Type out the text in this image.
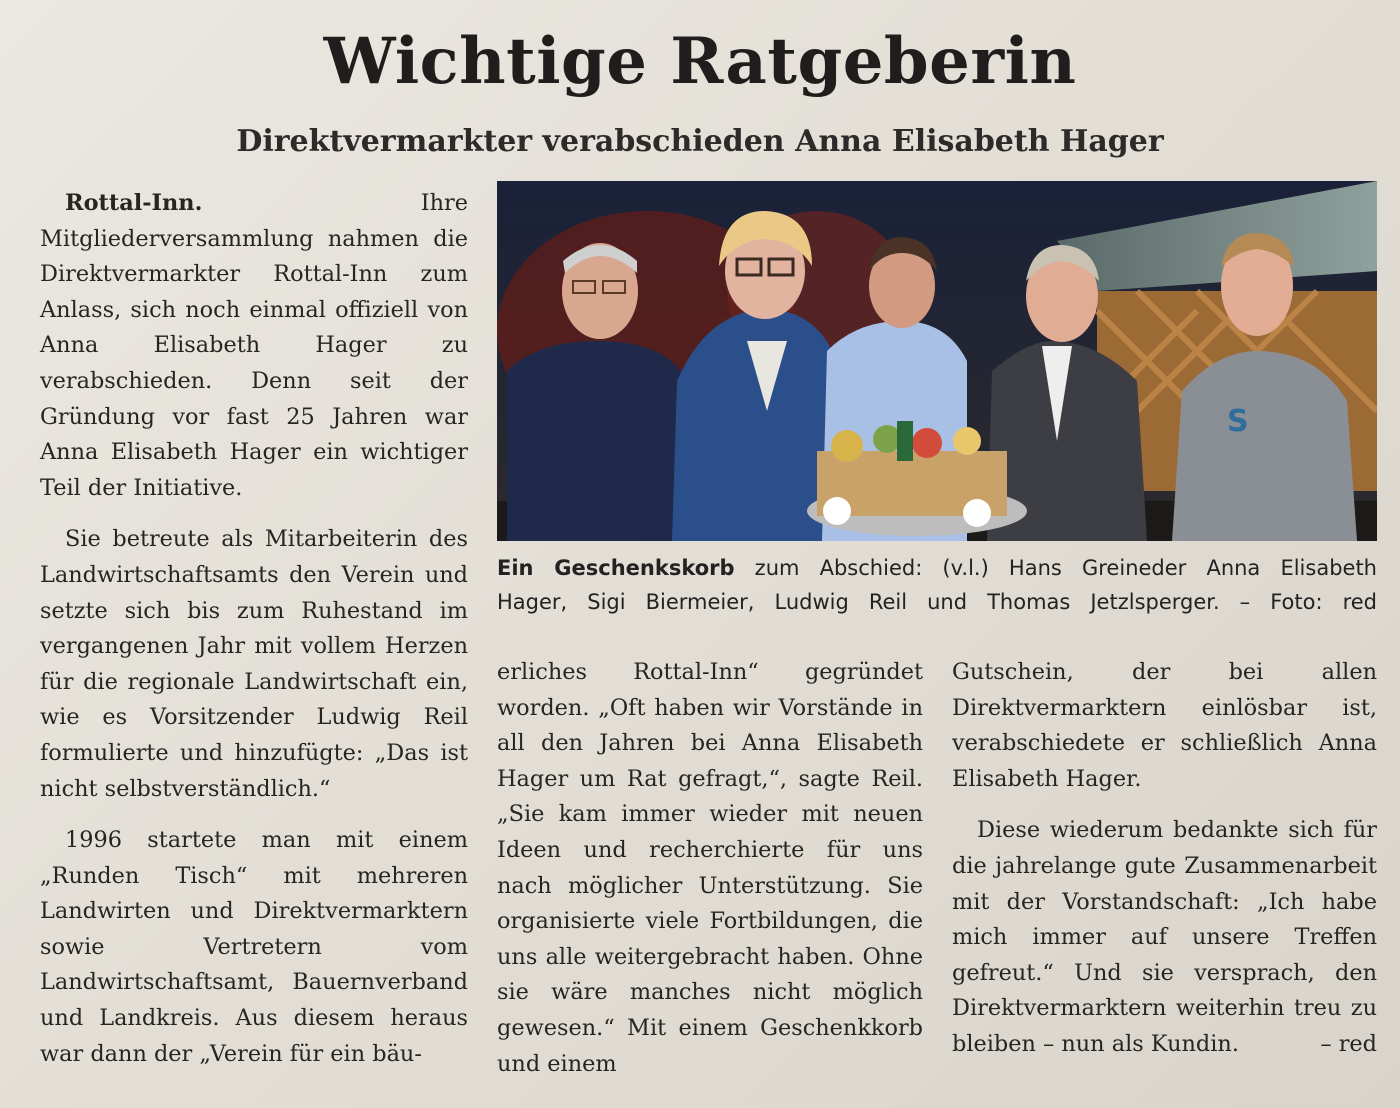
Wichtige Ratgeberin
Direktvermarkter verabschieden Anna Elisabeth Hager

Rottal-Inn. Ihre Mitgliederversammlung nahmen die Direktvermarkter Rottal-Inn zum Anlass, sich noch einmal offiziell von Anna Elisabeth Hager zu verabschieden. Denn seit der Gründung vor fast 25 Jahren war Anna Elisabeth Hager ein wichtiger Teil der Initiative.

Sie betreute als Mitarbeiterin des Landwirtschaftsamts den Verein und setzte sich bis zum Ruhestand im vergangenen Jahr mit vollem Herzen für die regionale Landwirtschaft ein, wie es Vorsitzender Ludwig Reil formulierte und hinzufügte: „Das ist nicht selbstverständlich.“

1996 startete man mit einem „Runden Tisch“ mit mehreren Landwirten und Direktvermarktern sowie Vertretern vom Landwirtschaftsamt, Bauernverband und Landkreis. Aus diesem heraus war dann der „Verein für ein bäu-

S
Ein Geschenkskorb zum Abschied: (v.l.) Hans Greineder Anna Elisabeth
Hager, Sigi Biermeier, Ludwig Reil und Thomas Jetzlsperger. – Foto: red

erliches Rottal-Inn“ gegründet worden. „Oft haben wir Vorstände in all den Jahren bei Anna Elisabeth Hager um Rat gefragt,“, sagte Reil. „Sie kam immer wieder mit neuen Ideen und recherchierte für uns nach möglicher Unterstützung. Sie organisierte viele Fortbildungen, die uns alle weitergebracht haben. Ohne sie wäre manches nicht möglich gewesen.“ Mit einem Geschenkkorb und einem

Gutschein, der bei allen Direktvermarktern einlösbar ist, verabschiedete er schließlich Anna Elisabeth Hager.

Diese wiederum bedankte sich für die jahrelange gute Zusammenarbeit mit der Vorstandschaft: „Ich habe mich immer auf unsere Treffen gefreut.“ Und sie versprach, den Direktvermarktern weiterhin treu zu bleiben – nun als Kundin.	– red
